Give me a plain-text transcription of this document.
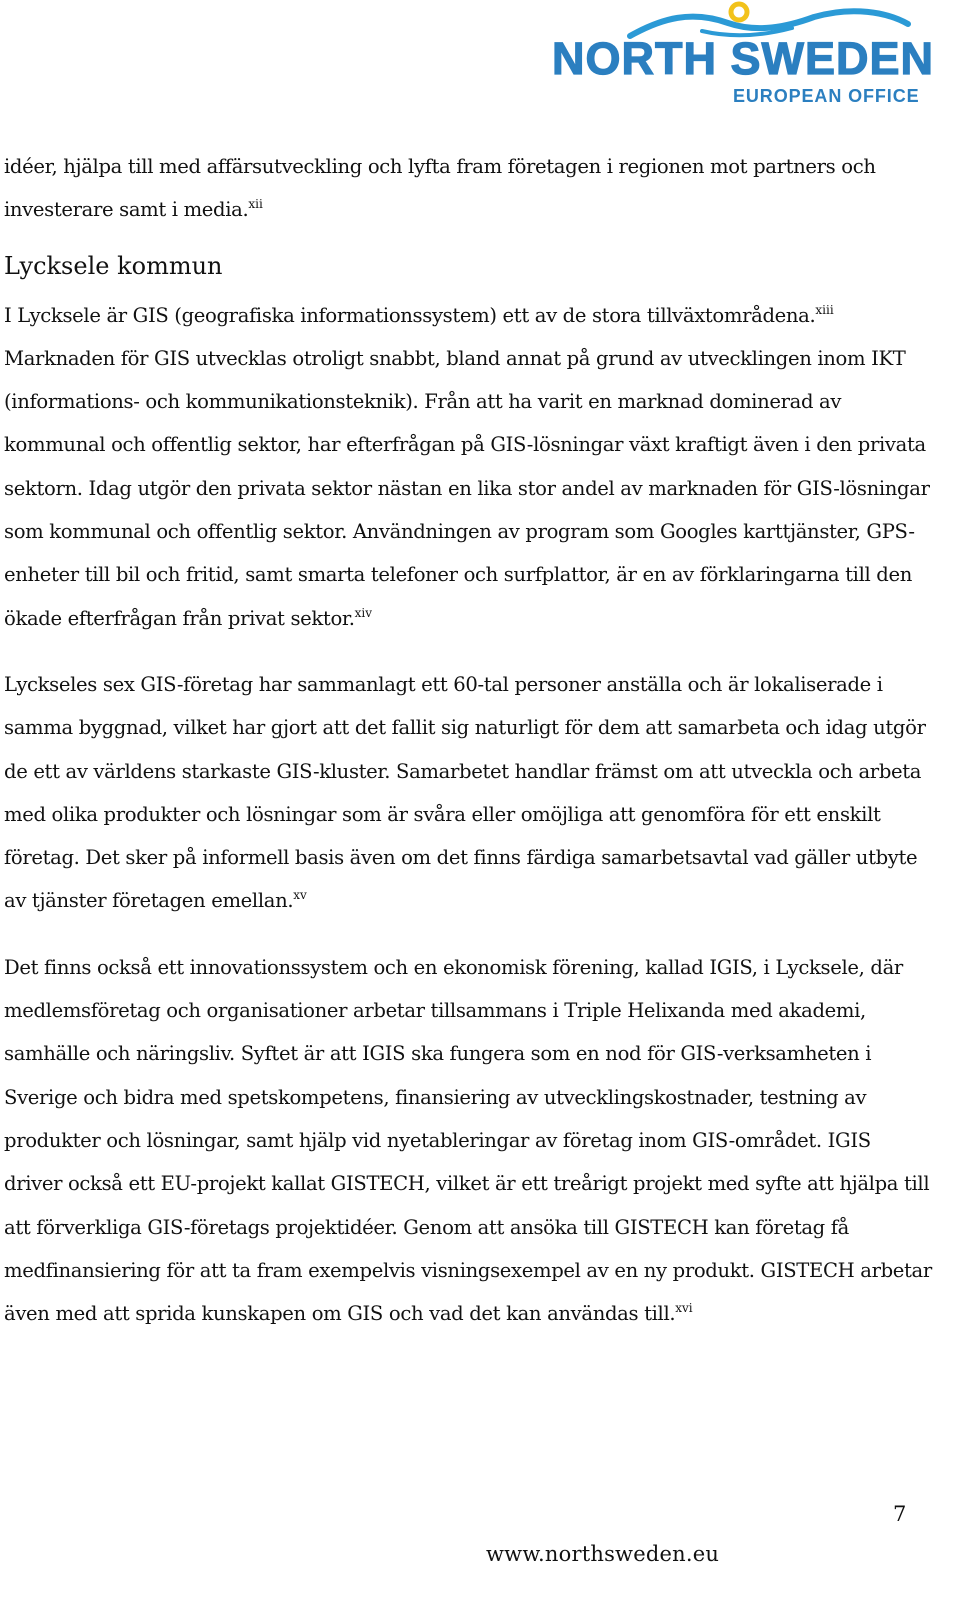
NORTH SWEDEN
EUROPEAN OFFICE

idéer, hjälpa till med affärsutveckling och lyfta fram företagen i regionen mot partners och investerare samt i media.$^{xii}$

Lycksele kommun

I Lycksele är GIS (geografiska informationssystem) ett av de stora tillväxtområdena.$^{xiii}$ Marknaden för GIS utvecklas otroligt snabbt, bland annat på grund av utvecklingen inom IKT (informations- och kommunikationsteknik). Från att ha varit en marknad dominerad av kommunal och offentlig sektor, har efterfrågan på GIS-lösningar växt kraftigt även i den privata sektorn. Idag utgör den privata sektor nästan en lika stor andel av marknaden för GIS-lösningar som kommunal och offentlig sektor. Användningen av program som Googles karttjänster, GPS-enheter till bil och fritid, samt smarta telefoner och surfplattor, är en av förklaringarna till den ökade efterfrågan från privat sektor.$^{xiv}$

Lyckseles sex GIS-företag har sammanlagt ett 60-tal personer anställa och är lokaliserade i samma byggnad, vilket har gjort att det fallit sig naturligt för dem att samarbeta och idag utgör de ett av världens starkaste GIS-kluster. Samarbetet handlar främst om att utveckla och arbeta med olika produkter och lösningar som är svåra eller omöjliga att genomföra för ett enskilt företag. Det sker på informell basis även om det finns färdiga samarbetsavtal vad gäller utbyte av tjänster företagen emellan.$^{xv}$

Det finns också ett innovationssystem och en ekonomisk förening, kallad IGIS, i Lycksele, där medlemsföretag och organisationer arbetar tillsammans i Triple Helixanda med akademi, samhälle och näringsliv. Syftet är att IGIS ska fungera som en nod för GIS-verksamheten i Sverige och bidra med spetskompetens, finansiering av utvecklingskostnader, testning av produkter och lösningar, samt hjälp vid nyetableringar av företag inom GIS-området. IGIS driver också ett EU-projekt kallat GISTECH, vilket är ett treårigt projekt med syfte att hjälpa till att förverkliga GIS-företags projektidéer. Genom att ansöka till GISTECH kan företag få medfinansiering för att ta fram exempelvis visningsexempel av en ny produkt. GISTECH arbetar även med att sprida kunskapen om GIS och vad det kan användas till.$^{xvi}$

7
www.northsweden.eu
